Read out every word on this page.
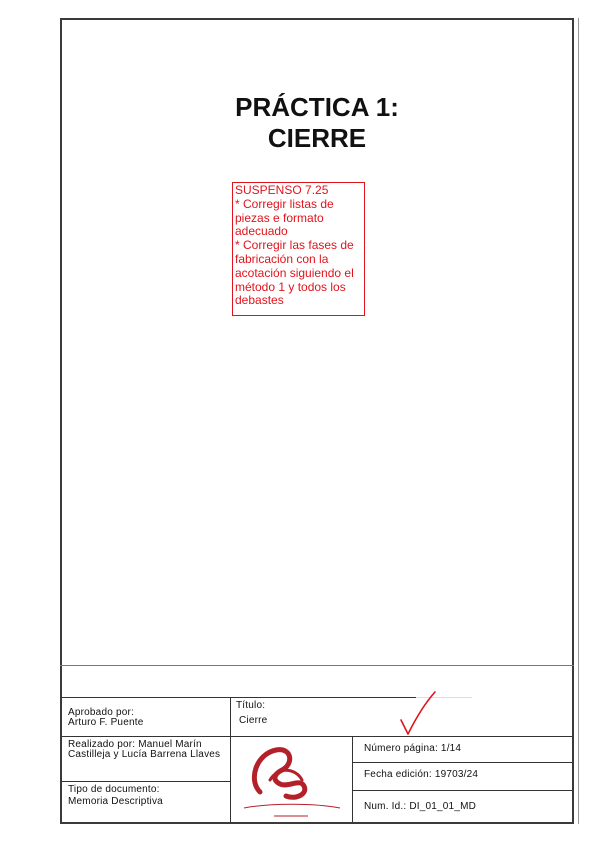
PRÁCTICA 1:
CIERRE
SUSPENSO 7.25
* Corregir listas de piezas e formato adecuado
* Corregir las fases de fabricación con la acotación siguiendo el método 1 y todos los debastes
Aprobado por:
Arturo F. Puente
Título:
Cierre
Realizado por: Manuel Marín Castilleja y Lucía Barrena Llaves
Tipo de documento:
Memoria Descriptiva
Número página: 1/14
Fecha edición: 19703/24
Num. Id.: DI_01_01_MD
